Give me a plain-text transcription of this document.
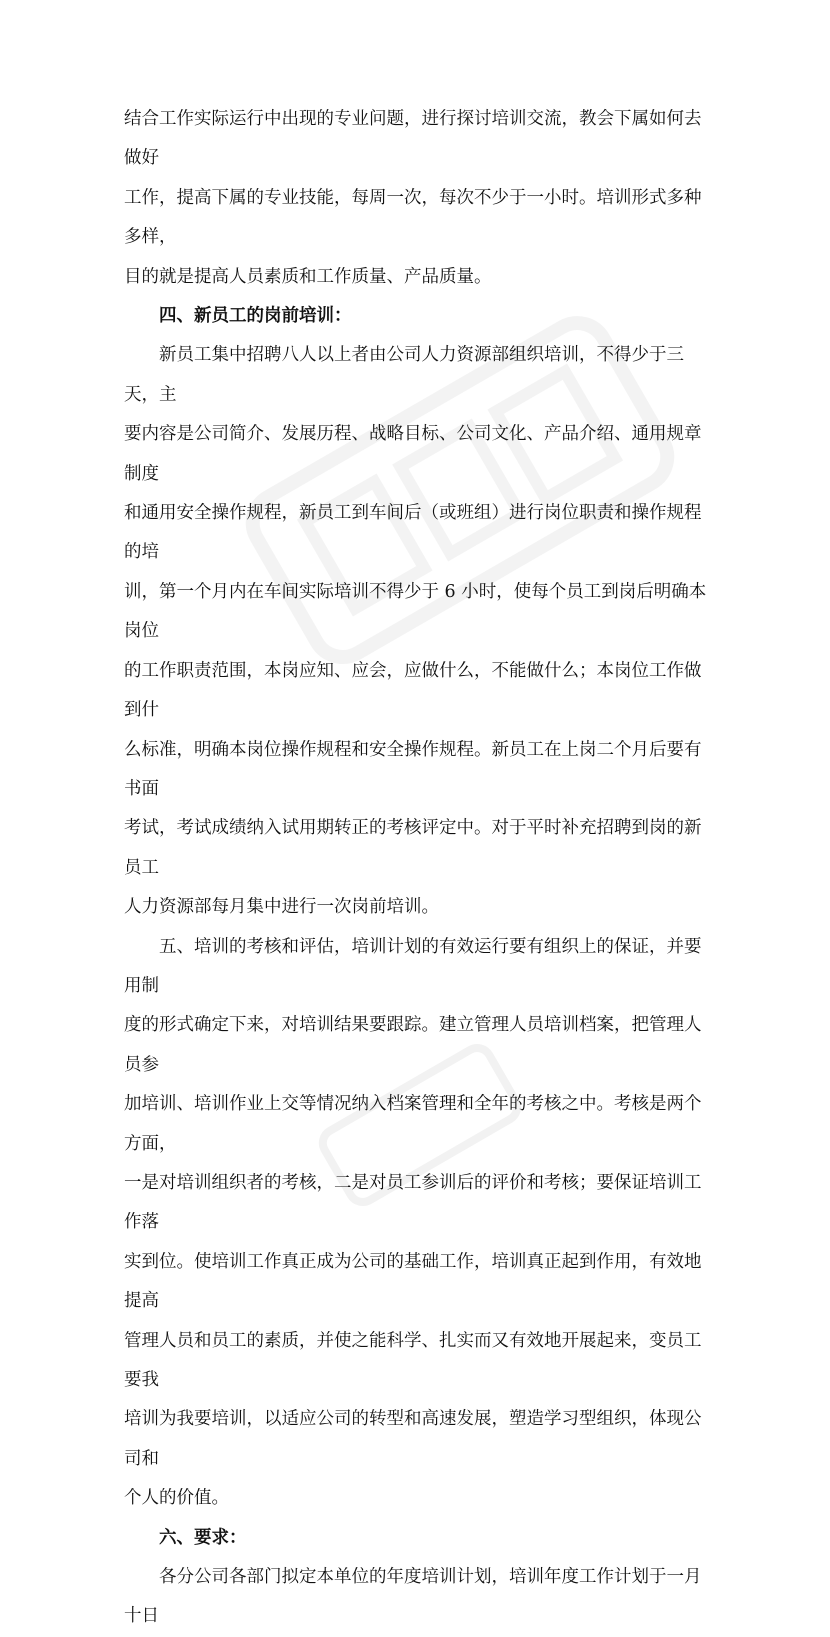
结合工作实际运行中出现的专业问题，进行探讨培训交流，教会下属如何去做好

工作，提高下属的专业技能，每周一次，每次不少于一小时。培训形式多种多样，

目的就是提高人员素质和工作质量、产品质量。

四、新员工的岗前培训：

新员工集中招聘八人以上者由公司人力资源部组织培训，不得少于三天，主

要内容是公司简介、发展历程、战略目标、公司文化、产品介绍、通用规章制度

和通用安全操作规程，新员工到车间后（或班组）进行岗位职责和操作规程的培

训，第一个月内在车间实际培训不得少于 6 小时，使每个员工到岗后明确本岗位

的工作职责范围，本岗应知、应会，应做什么，不能做什么；本岗位工作做到什

么标准，明确本岗位操作规程和安全操作规程。新员工在上岗二个月后要有书面

考试，考试成绩纳入试用期转正的考核评定中。对于平时补充招聘到岗的新员工

人力资源部每月集中进行一次岗前培训。

五、培训的考核和评估，培训计划的有效运行要有组织上的保证，并要用制

度的形式确定下来，对培训结果要跟踪。建立管理人员培训档案，把管理人员参

加培训、培训作业上交等情况纳入档案管理和全年的考核之中。考核是两个方面，

一是对培训组织者的考核，二是对员工参训后的评价和考核；要保证培训工作落

实到位。使培训工作真正成为公司的基础工作，培训真正起到作用，有效地提高

管理人员和员工的素质，并使之能科学、扎实而又有效地开展起来，变员工要我

培训为我要培训，以适应公司的转型和高速发展，塑造学习型组织，体现公司和

个人的价值。

六、要求：

各分公司各部门拟定本单位的年度培训计划，培训年度工作计划于一月十日
